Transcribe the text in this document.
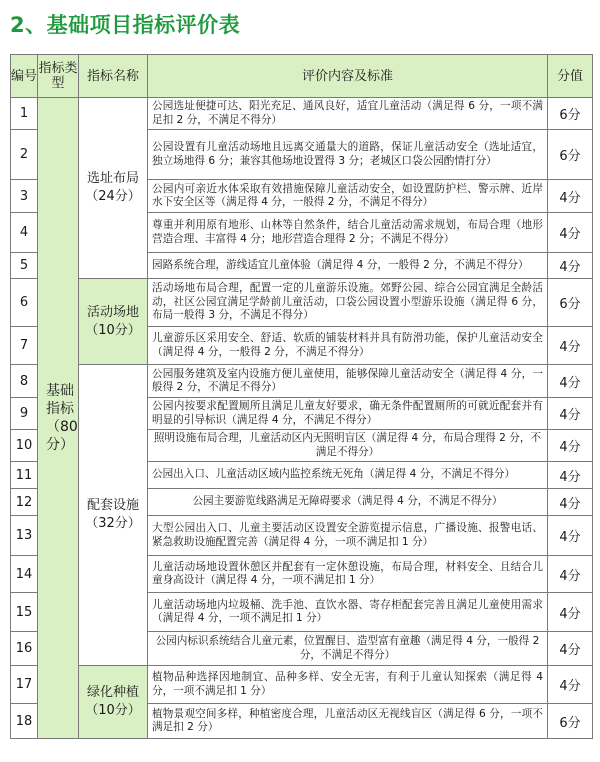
2、基础项目指标评价表
编号	指标类型	指标名称	评价内容及标准	分值
1	基础指标（80分）	选址布局（24分）	公园选址便捷可达、阳光充足、通风良好，适宜儿童活动（满足得 6 分，一项不满足扣 2 分，不满足不得分）	6分
2			公园设置有儿童活动场地且远离交通量大的道路，保证儿童活动安全（选址适宜，独立场地得 6 分；兼容其他场地设置得 3 分；老城区口袋公园酌情打分）	6分
3			公园内可亲近水体采取有效措施保障儿童活动安全，如设置防护栏、警示牌、近岸水下安全区等（满足得 4 分，一般得 2 分，不满足不得分）	4分
4			尊重并利用原有地形、山林等自然条件，结合儿童活动需求规划，布局合理（地形营造合理、丰富得 4 分；地形营造合理得 2 分；不满足不得分）	4分
5			园路系统合理，游线适宜儿童体验（满足得 4 分，一般得 2 分，不满足不得分）	4分
6		活动场地（10分）	活动场地布局合理，配置一定的儿童游乐设施。郊野公园、综合公园宜满足全龄活动，社区公园宜满足学龄前儿童活动，口袋公园设置小型游乐设施（满足得 6 分，布局一般得 3 分，不满足不得分）	6分
7			儿童游乐区采用安全、舒适、软质的铺装材料并具有防滑功能，保护儿童活动安全（满足得 4 分，一般得 2 分，不满足不得分）	4分
8		配套设施（32分）	公园服务建筑及室内设施方便儿童使用，能够保障儿童活动安全（满足得 4 分，一般得 2 分，不满足不得分）	4分
9			公园内按要求配置厕所且满足儿童友好要求，确无条件配置厕所的可就近配套并有明显的引导标识（满足得 4 分，不满足不得分）	4分
10			照明设施布局合理，儿童活动区内无照明盲区（满足得 4 分，布局合理得 2 分，不满足不得分）	4分
11			公园出入口、儿童活动区域内监控系统无死角（满足得 4 分，不满足不得分）	4分
12			公园主要游览线路满足无障碍要求（满足得 4 分，不满足不得分）	4分
13			大型公园出入口、儿童主要活动区设置安全游览提示信息，广播设施、报警电话、紧急救助设施配置完善（满足得 4 分，一项不满足扣 1 分）	4分
14			儿童活动场地设置休憩区并配套有一定休憩设施，布局合理，材料安全、且结合儿童身高设计（满足得 4 分，一项不满足扣 1 分）	4分
15			儿童活动场地内垃圾桶、洗手池、直饮水器、寄存柜配套完善且满足儿童使用需求（满足得 4 分，一项不满足扣 1 分）	4分
16			公园内标识系统结合儿童元素，位置醒目、造型富有童趣（满足得 4 分，一般得 2 分，不满足不得分）	4分
17		绿化种植（10分）	植物品种选择因地制宜、品种多样、安全无害，有利于儿童认知探索（满足得 4 分，一项不满足扣 1 分）	4分
18			植物景观空间多样，种植密度合理，儿童活动区无视线盲区（满足得 6 分，一项不满足扣 2 分）	6分
